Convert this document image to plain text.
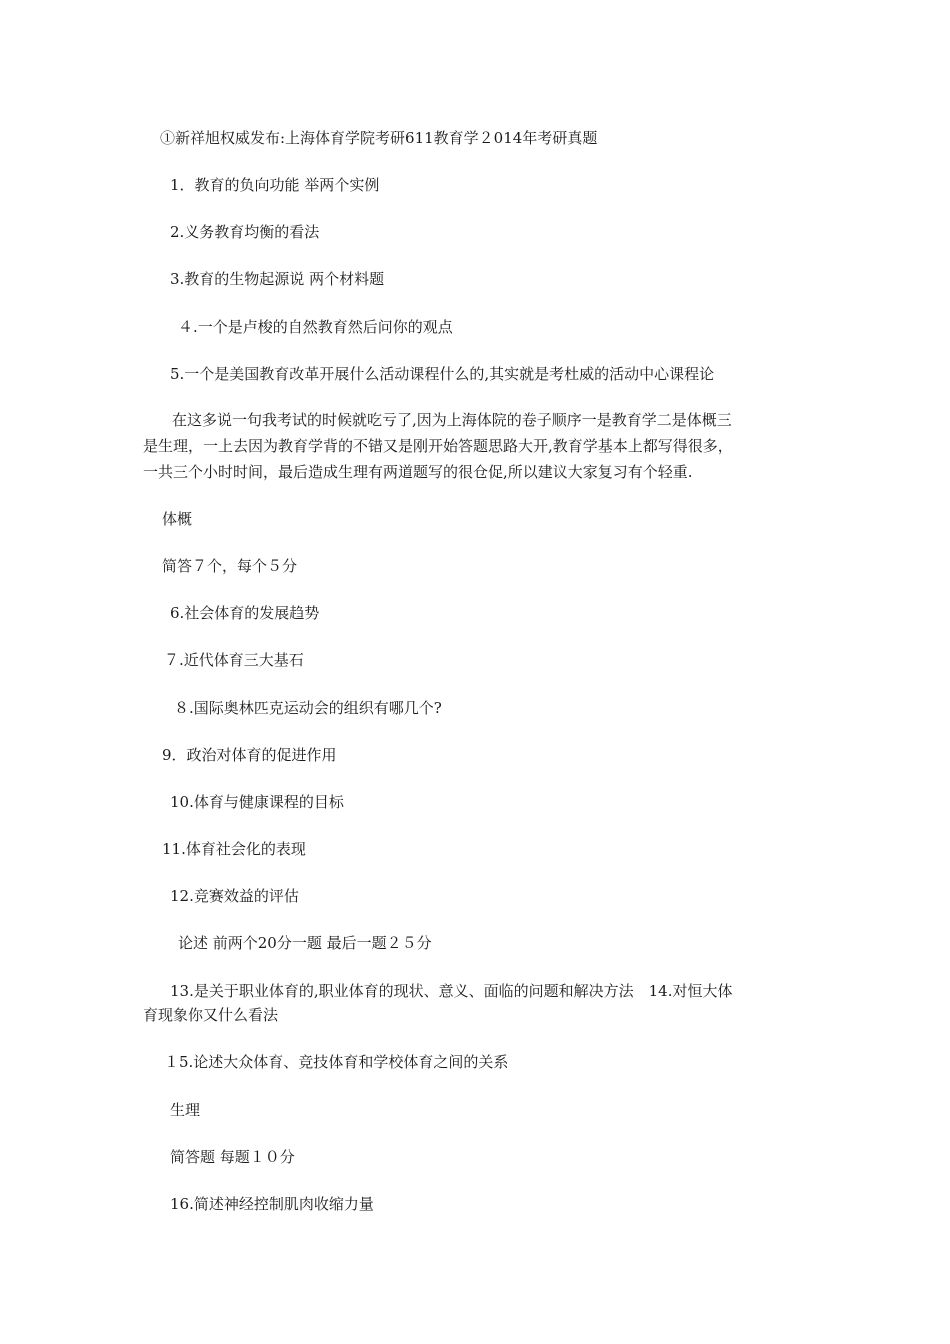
①新祥旭权威发布:上海体育学院考研611教育学２014年考研真题
1．教育的负向功能 举两个实例
2.义务教育均衡的看法
3.教育的生物起源说 两个材料题
４.一个是卢梭的自然教育然后问你的观点
5.一个是美国教育改革开展什么活动课程什么的,其实就是考杜威的活动中心课程论
在这多说一句我考试的时候就吃亏了,因为上海体院的卷子顺序一是教育学二是体概三
是生理，一上去因为教育学背的不错又是刚开始答题思路大开,教育学基本上都写得很多，
一共三个小时时间，最后造成生理有两道题写的很仓促,所以建议大家复习有个轻重.
体概
简答７个，每个５分
6.社会体育的发展趋势
７.近代体育三大基石
８.国际奥林匹克运动会的组织有哪几个?
9．政治对体育的促进作用
10.体育与健康课程的目标
11.体育社会化的表现
12.竞赛效益的评估
论述 前两个20分一题 最后一题２５分
13.是关于职业体育的,职业体育的现状、意义、面临的问题和解决方法　14.对恒大体
育现象你又什么看法
１5.论述大众体育、竞技体育和学校体育之间的关系
生理
简答题 每题１０分
16.简述神经控制肌肉收缩力量
